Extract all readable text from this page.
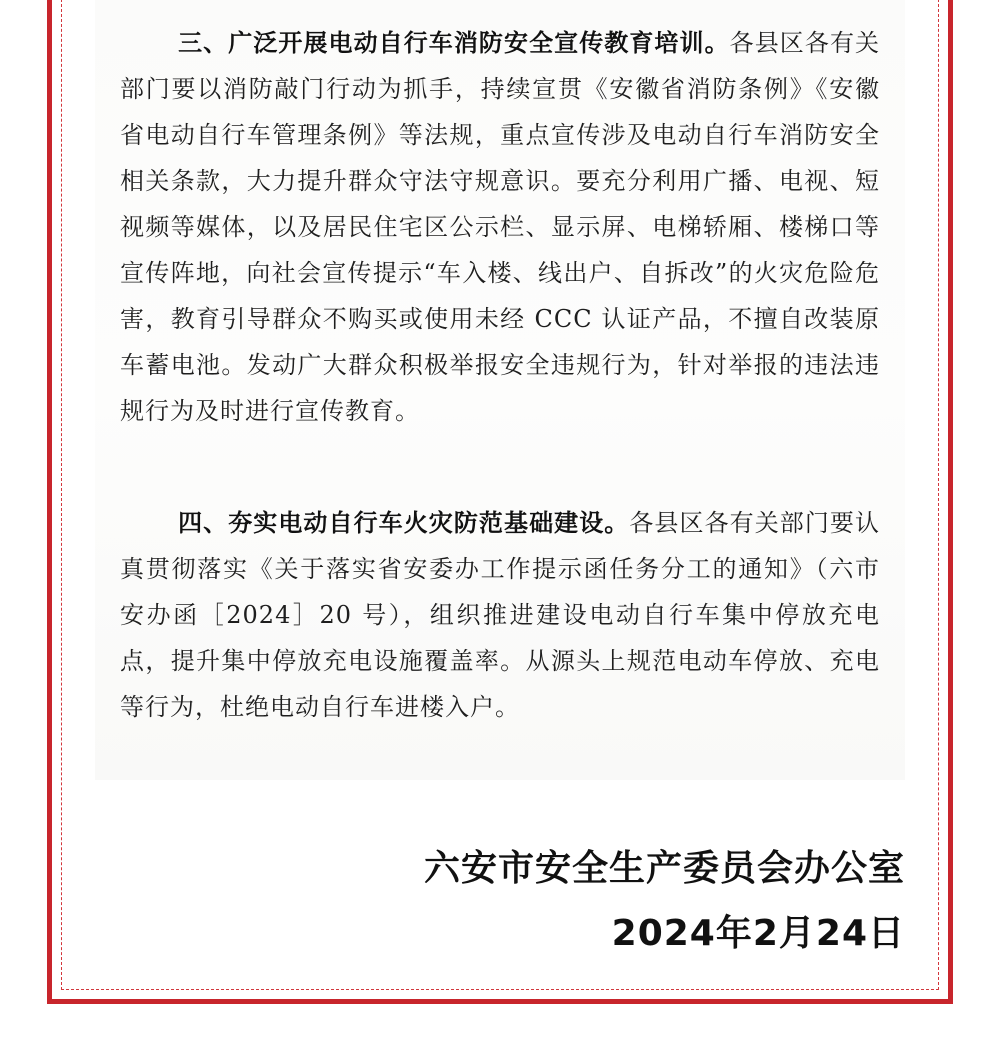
三、广泛开展电动自行车消防安全宣传教育培训。各县区各有关部门要以消防敲门行动为抓手，持续宣贯《安徽省消防条例》《安徽省电动自行车管理条例》等法规，重点宣传涉及电动自行车消防安全相关条款，大力提升群众守法守规意识。要充分利用广播、电视、短视频等媒体，以及居民住宅区公示栏、显示屏、电梯轿厢、楼梯口等宣传阵地，向社会宣传提示“车入楼、线出户、自拆改”的火灾危险危害，教育引导群众不购买或使用未经 CCC 认证产品，不擅自改装原车蓄电池。发动广大群众积极举报安全违规行为，针对举报的违法违规行为及时进行宣传教育。

四、夯实电动自行车火灾防范基础建设。各县区各有关部门要认真贯彻落实《关于落实省安委办工作提示函任务分工的通知》（六市安办函［2024］20 号），组织推进建设电动自行车集中停放充电点，提升集中停放充电设施覆盖率。从源头上规范电动车停放、充电等行为，杜绝电动自行车进楼入户。

六安市安全生产委员会办公室

2024年2月24日
